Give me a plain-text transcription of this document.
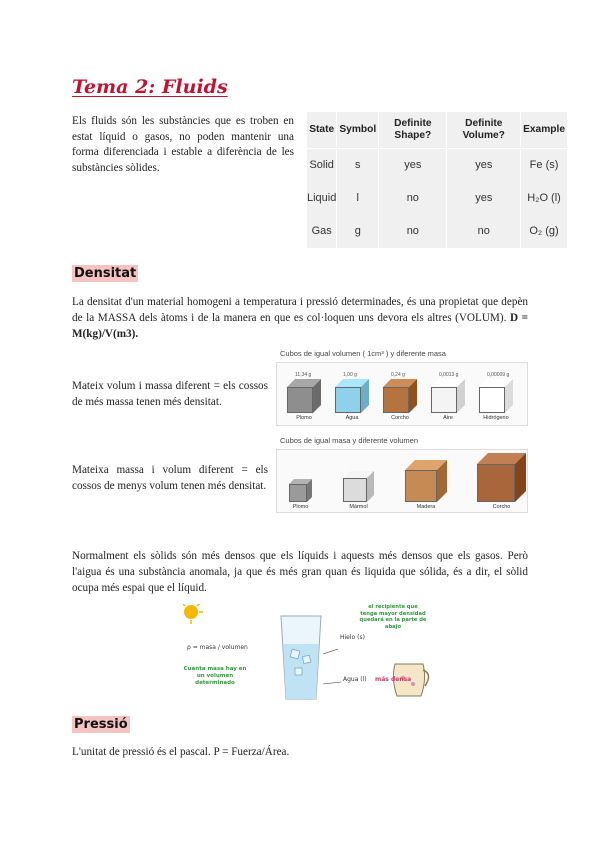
Tema 2: Fluids

Els fluids són les substàncies que es troben en estat líquid o gasos, no poden mantenir una forma diferenciada i estable a diferència de les substàncies sòlides.

State	Symbol	Definite Shape?	Definite Volume?	Example
Solid	s	yes	yes	Fe (s)
Liquid	l	no	yes	H₂O (l)
Gas	g	no	no	O₂ (g)
Densitat

La densitat d'un material homogeni a temperatura i pressió determinades, és una propietat que depèn de la MASSA dels àtoms i de la manera en que es col·loquen uns devora els altres (VOLUM). D = M(kg)/V(m3).

Cubos de igual volumen ( 1cm³ ) y diferente masa
Plomo
11,34 g
Agua
1,00 g
Corcho
0,24 g
Aire
0,0013 g
Hidrógeno
0,00009 g

Mateix volum i massa diferent = els cossos de més massa tenen més densitat.

Cubos de igual masa y diferente volumen
Plomo	Mármol	Madera	Corcho

Mateixa massa i volum diferent = els cossos de menys volum tenen més densitat.

Normalment els sòlids són més densos que els líquids i aquests més densos que els gasos. Però l'aigua és una substància anomala, ja que és més gran quan és liquida que sólida, és a dir, el sòlid ocupa més espai que el líquid.

ρ = masa / volumen
Cuanta masa hay en un volumen determinado
Hielo (s)
Agua (l) más densa
el recipiente que tenga mayor densidad quedará en la parte de abajo
Pressió

L'unitat de pressió és el pascal. P = Fuerza/Área.
